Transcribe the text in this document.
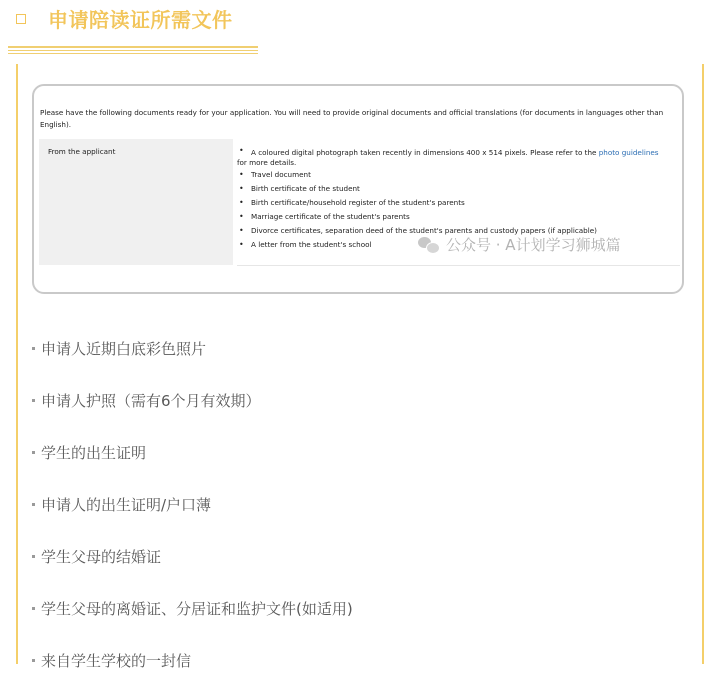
申请陪读证所需文件
Please have the following documents ready for your application. You will need to provide original documents and official translations (for documents in languages other than English).
From the applicant	• A coloured digital photograph taken recently in dimensions 400 x 514 pixels. Please refer to the photo guidelines
for more details.
• Travel document
• Birth certificate of the student
• Birth certificate/household register of the student's parents
• Marriage certificate of the student's parents
• Divorce certificates, separation deed of the student's parents and custody papers (if applicable)
• A letter from the student's school	公众号 · A计划学习狮城篇
申请人近期白底彩色照片
申请人护照（需有6个月有效期）
学生的出生证明
申请人的出生证明/户口薄
学生父母的结婚证
学生父母的离婚证、分居证和监护文件(如适用)
来自学生学校的一封信
